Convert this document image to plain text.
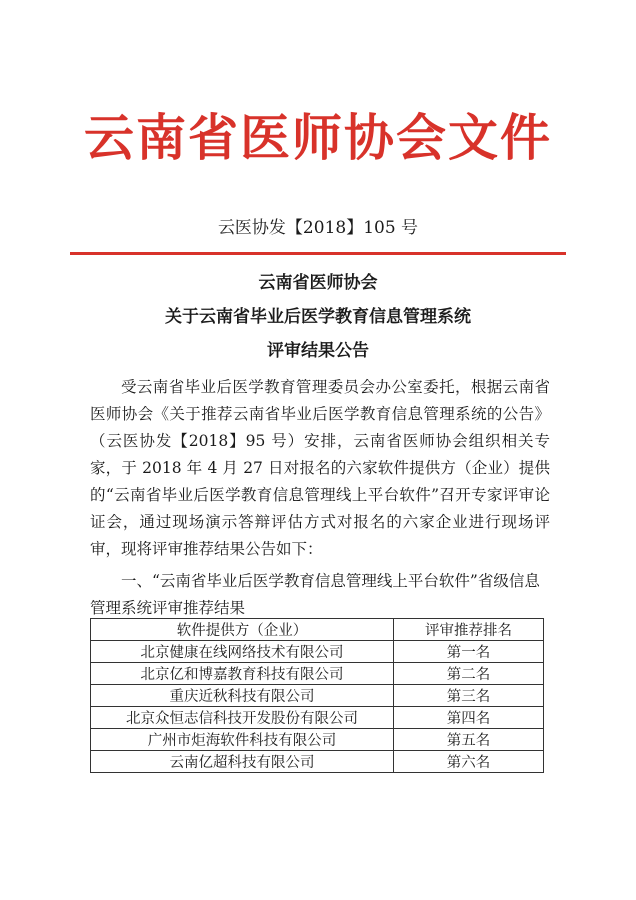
云南省医师协会文件
云医协发【2018】105 号
云南省医师协会
关于云南省毕业后医学教育信息管理系统
评审结果公告
受云南省毕业后医学教育管理委员会办公室委托，根据云南省医师协会《关于推荐云南省毕业后医学教育信息管理系统的公告》（云医协发【2018】95 号）安排，云南省医师协会组织相关专家，于 2018 年 4 月 27 日对报名的六家软件提供方（企业）提供的“云南省毕业后医学教育信息管理线上平台软件”召开专家评审论证会，通过现场演示答辩评估方式对报名的六家企业进行现场评审，现将评审推荐结果公告如下：
一、“云南省毕业后医学教育信息管理线上平台软件”省级信息管理系统评审推荐结果
软件提供方（企业）	评审推荐排名
北京健康在线网络技术有限公司	第一名
北京亿和博嘉教育科技有限公司	第二名
重庆近秋科技有限公司	第三名
北京众恒志信科技开发股份有限公司	第四名
广州市炬海软件科技有限公司	第五名
云南亿超科技有限公司	第六名
